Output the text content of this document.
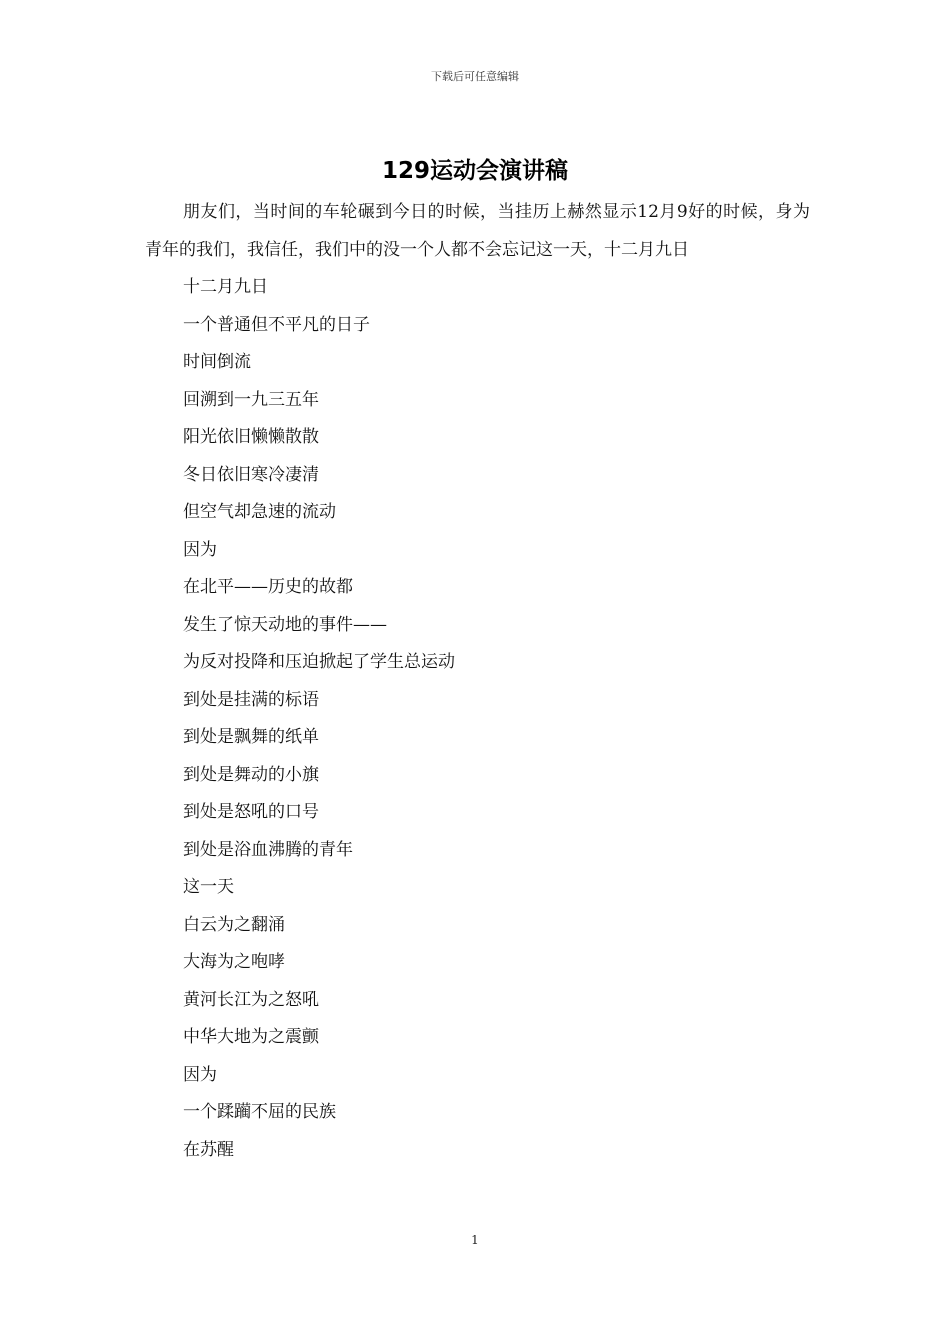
下载后可任意编辑
129运动会演讲稿

朋友们，当时间的车轮碾到今日的时候，当挂历上赫然显示12月9好的时候，身为青年的我们，我信任，我们中的没一个人都不会忘记这一天，十二月九日

十二月九日

一个普通但不平凡的日子

时间倒流

回溯到一九三五年

阳光依旧懒懒散散

冬日依旧寒冷凄清

但空气却急速的流动

因为

在北平——历史的故都

发生了惊天动地的事件——

为反对投降和压迫掀起了学生总运动

到处是挂满的标语

到处是飘舞的纸单

到处是舞动的小旗

到处是怒吼的口号

到处是浴血沸腾的青年

这一天

白云为之翻涌

大海为之咆哮

黄河长江为之怒吼

中华大地为之震颤

因为

一个蹂躏不屈的民族

在苏醒

1
